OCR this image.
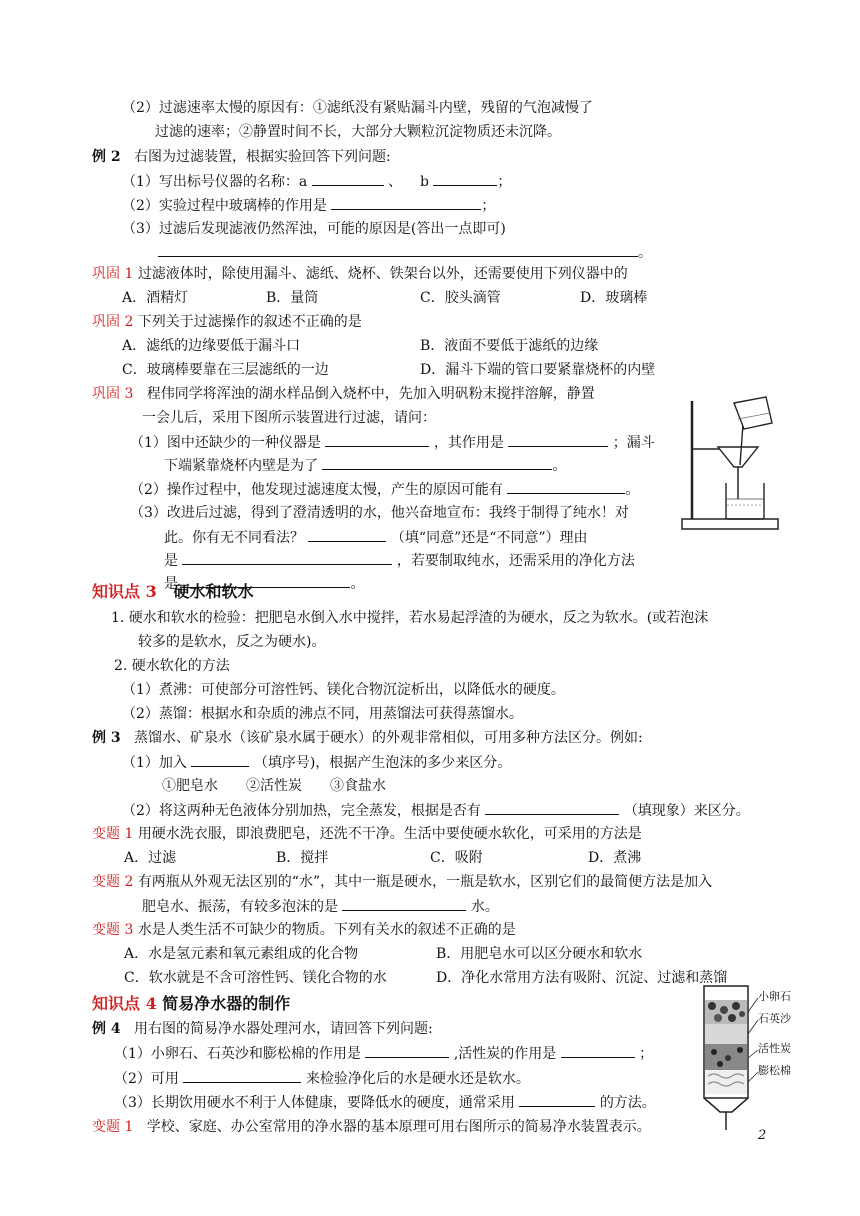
（2）过滤速率太慢的原因有：①滤纸没有紧贴漏斗内壁，残留的气泡减慢了
过滤的速率；②静置时间不长，大部分大颗粒沉淀物质还未沉降。
例 2 右图为过滤装置，根据实验回答下列问题:
（1）写出标号仪器的名称：a	、 b	；
（2）实验过程中玻璃棒的作用是	；
（3）过滤后发现滤液仍然浑浊，可能的原因是(答出一点即可)
。
巩固 1 过滤液体时，除使用漏斗、滤纸、烧杯、铁架台以外，还需要使用下列仪器中的
A．酒精灯	B．量筒	C．胶头滴管	D．玻璃棒
巩固 2 下列关于过滤操作的叙述不正确的是
A．滤纸的边缘要低于漏斗口	B．液面不要低于滤纸的边缘
C．玻璃棒要靠在三层滤纸的一边	D．漏斗下端的管口要紧靠烧杯的内壁
巩固 3 程伟同学将浑浊的湖水样品倒入烧杯中，先加入明矾粉末搅拌溶解，静置
一会儿后，采用下图所示装置进行过滤，请问：
（1）图中还缺少的一种仪器是	，其作用是	；漏斗
下端紧靠烧杯内壁是为了	。
（2）操作过程中，他发现过滤速度太慢，产生的原因可能有	。
（3）改进后过滤，得到了澄清透明的水，他兴奋地宣布：我终于制得了纯水！对
此。你有无不同看法？	（填“同意”还是“不同意”）理由
是	，若要制取纯水，还需采用的净化方法
是	。
知识点 3 硬水和软水
1. 硬水和软水的检验：把肥皂水倒入水中搅拌，若水易起浮渣的为硬水，反之为软水。(或若泡沫
较多的是软水，反之为硬水)。
2. 硬水软化的方法
（1）煮沸：可使部分可溶性钙、镁化合物沉淀析出，以降低水的硬度。
（2）蒸馏：根据水和杂质的沸点不同，用蒸馏法可获得蒸馏水。
例 3 蒸馏水、矿泉水（该矿泉水属于硬水）的外观非常相似，可用多种方法区分。例如:
（1）加入	（填序号)，根据产生泡沫的多少来区分。
①肥皂水　　②活性炭　　③食盐水
（2）将这两种无色液体分别加热，完全蒸发，根据是否有	（填现象）来区分。
变题 1 用硬水洗衣服，即浪费肥皂，还洗不干净。生活中要使硬水软化，可采用的方法是
A．过滤	B．搅拌	C．吸附	D．煮沸
变题 2 有两瓶从外观无法区别的“水”，其中一瓶是硬水，一瓶是软水，区别它们的最简便方法是加入
肥皂水、振荡，有较多泡沫的是	水。
变题 3 水是人类生活不可缺少的物质。下列有关水的叙述不正确的是
A．水是氢元素和氧元素组成的化合物	B．用肥皂水可以区分硬水和软水
C．软水就是不含可溶性钙、镁化合物的水	D．净化水常用方法有吸附、沉淀、过滤和蒸馏
知识点 4 简易净水器的制作
例 4 用右图的简易净水器处理河水，请回答下列问题:
（1）小卵石、石英沙和膨松棉的作用是	,活性炭的作用是	；
（2）可用	来检验净化后的水是硬水还是软水。
（3）长期饮用硬水不利于人体健康，要降低水的硬度，通常采用	的方法。
变题 1 学校、家庭、办公室常用的净水器的基本原理可用右图所示的简易净水装置表示。
小卵石
石英沙
活性炭
膨松棉
2
